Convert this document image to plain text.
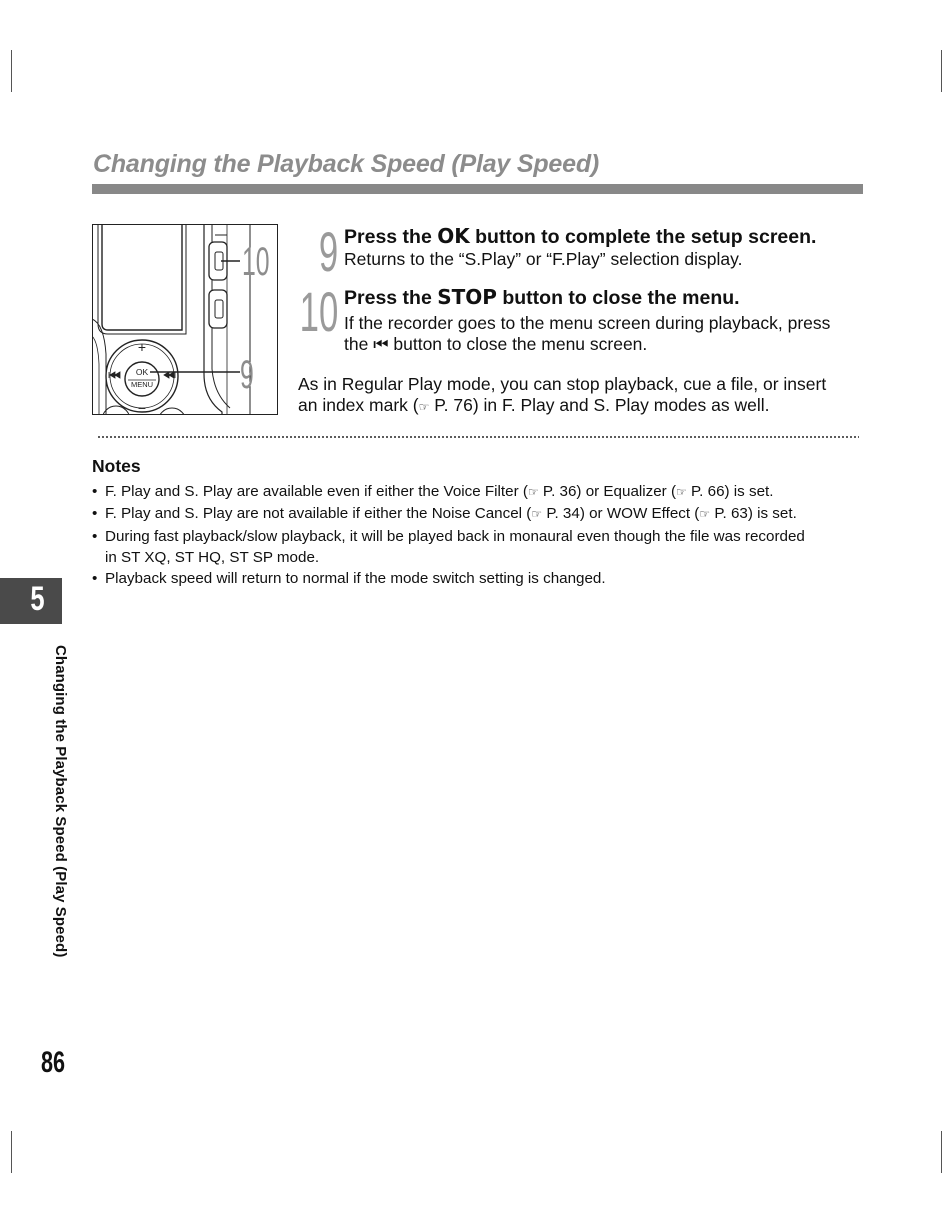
Changing the Playback Speed (Play Speed)
10
9
OK
MENU
+
−
9 Press the OK button to complete the setup screen.
Returns to the “S.Play” or “F.Play” selection display.
10 Press the STOP button to close the menu.
If the recorder goes to the menu screen during playback, press
the ⏮ button to close the menu screen.
As in Regular Play mode, you can stop playback, cue a file, or insert
an index mark (☞ P. 76) in F. Play and S. Play modes as well.
Notes
• F. Play and S. Play are available even if either the Voice Filter (☞ P. 36) or Equalizer (☞ P. 66) is set.
• F. Play and S. Play are not available if either the Noise Cancel (☞ P. 34) or WOW Effect (☞ P. 63) is set.
• During fast playback/slow playback, it will be played back in monaural even though the file was recorded
in ST XQ, ST HQ, ST SP mode.
• Playback speed will return to normal if the mode switch setting is changed.
5
Changing the Playback Speed (Play Speed)
86
